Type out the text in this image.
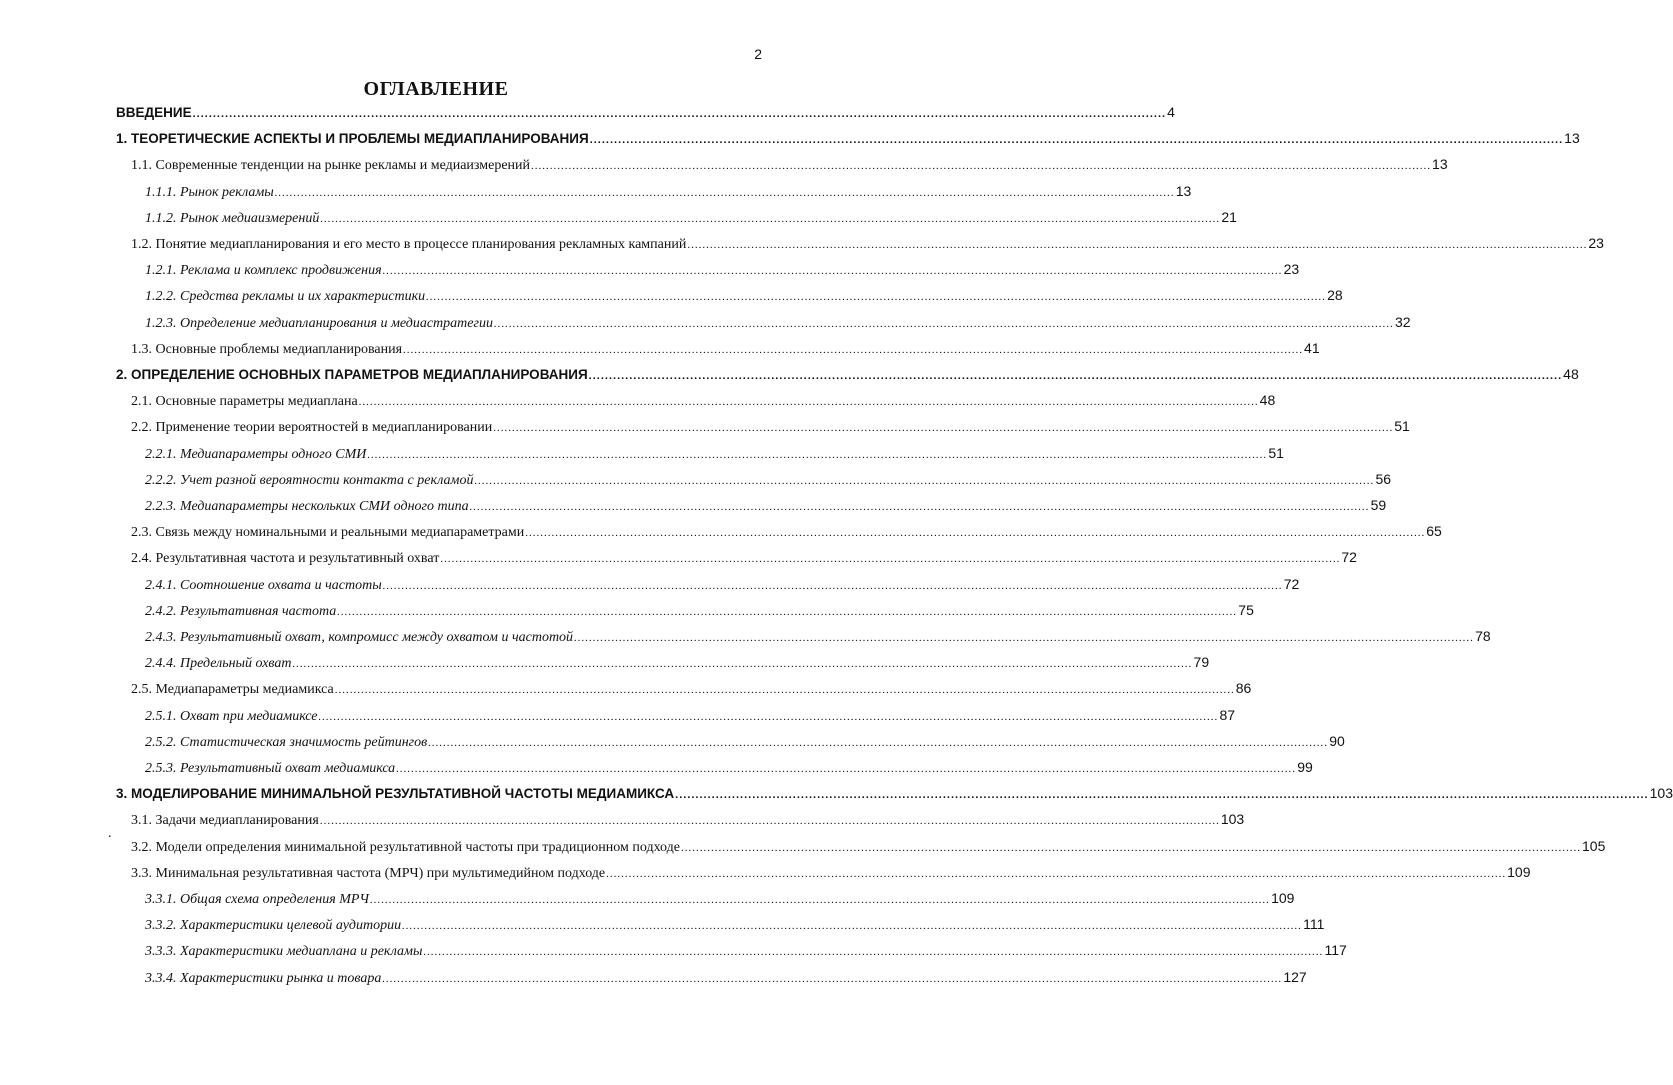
2
ОГЛАВЛЕНИЕ
.
ВВЕДЕНИЕ .....	4
1. ТЕОРЕТИЧЕСКИЕ АСПЕКТЫ И ПРОБЛЕМЫ МЕДИАПЛАНИРОВАНИЯ .....	13
1.1. Современные тенденции на рынке рекламы и медиаизмерений .....	13
1.1.1. Рынок рекламы .....	13
1.1.2. Рынок медиаизмерений .....	21
1.2. Понятие медиапланирования и его место в процессе планирования рекламных кампаний .....	23
1.2.1. Реклама и комплекс продвижения .....	23
1.2.2. Средства рекламы и их характеристики .....	28
1.2.3. Определение медиапланирования и медиастратегии .....	32
1.3. Основные проблемы медиапланирования .....	41
2. ОПРЕДЕЛЕНИЕ ОСНОВНЫХ ПАРАМЕТРОВ МЕДИАПЛАНИРОВАНИЯ .....	48
2.1. Основные параметры медиаплана .....	48
2.2. Применение теории вероятностей в медиапланировании .....	51
2.2.1. Медиапараметры одного СМИ .....	51
2.2.2. Учет разной вероятности контакта с рекламой .....	56
2.2.3. Медиапараметры нескольких СМИ одного типа .....	59
2.3. Связь между номинальными и реальными медиапараметрами .....	65
2.4. Результативная частота и результативный охват .....	72
2.4.1. Соотношение охвата и частоты .....	72
2.4.2. Результативная частота .....	75
2.4.3. Результативный охват, компромисс между охватом и частотой .....	78
2.4.4. Предельный охват .....	79
2.5. Медиапараметры медиамикса .....	86
2.5.1. Охват при медиамиксе .....	87
2.5.2. Статистическая значимость рейтингов .....	90
2.5.3. Результативный охват медиамикса .....	99
3. МОДЕЛИРОВАНИЕ МИНИМАЛЬНОЙ РЕЗУЛЬТАТИВНОЙ ЧАСТОТЫ МЕДИАМИКСА .....	103
3.1. Задачи медиапланирования .....	103
3.2. Модели определения минимальной результативной частоты при традиционном подходе .....	105
3.3. Минимальная результативная частота (МРЧ) при мультимедийном подходе .....	109
3.3.1. Общая схема определения МРЧ .....	109
3.3.2. Характеристики целевой аудитории .....	111
3.3.3. Характеристики медиаплана и рекламы .....	117
3.3.4. Характеристики рынка и товара .....	127
